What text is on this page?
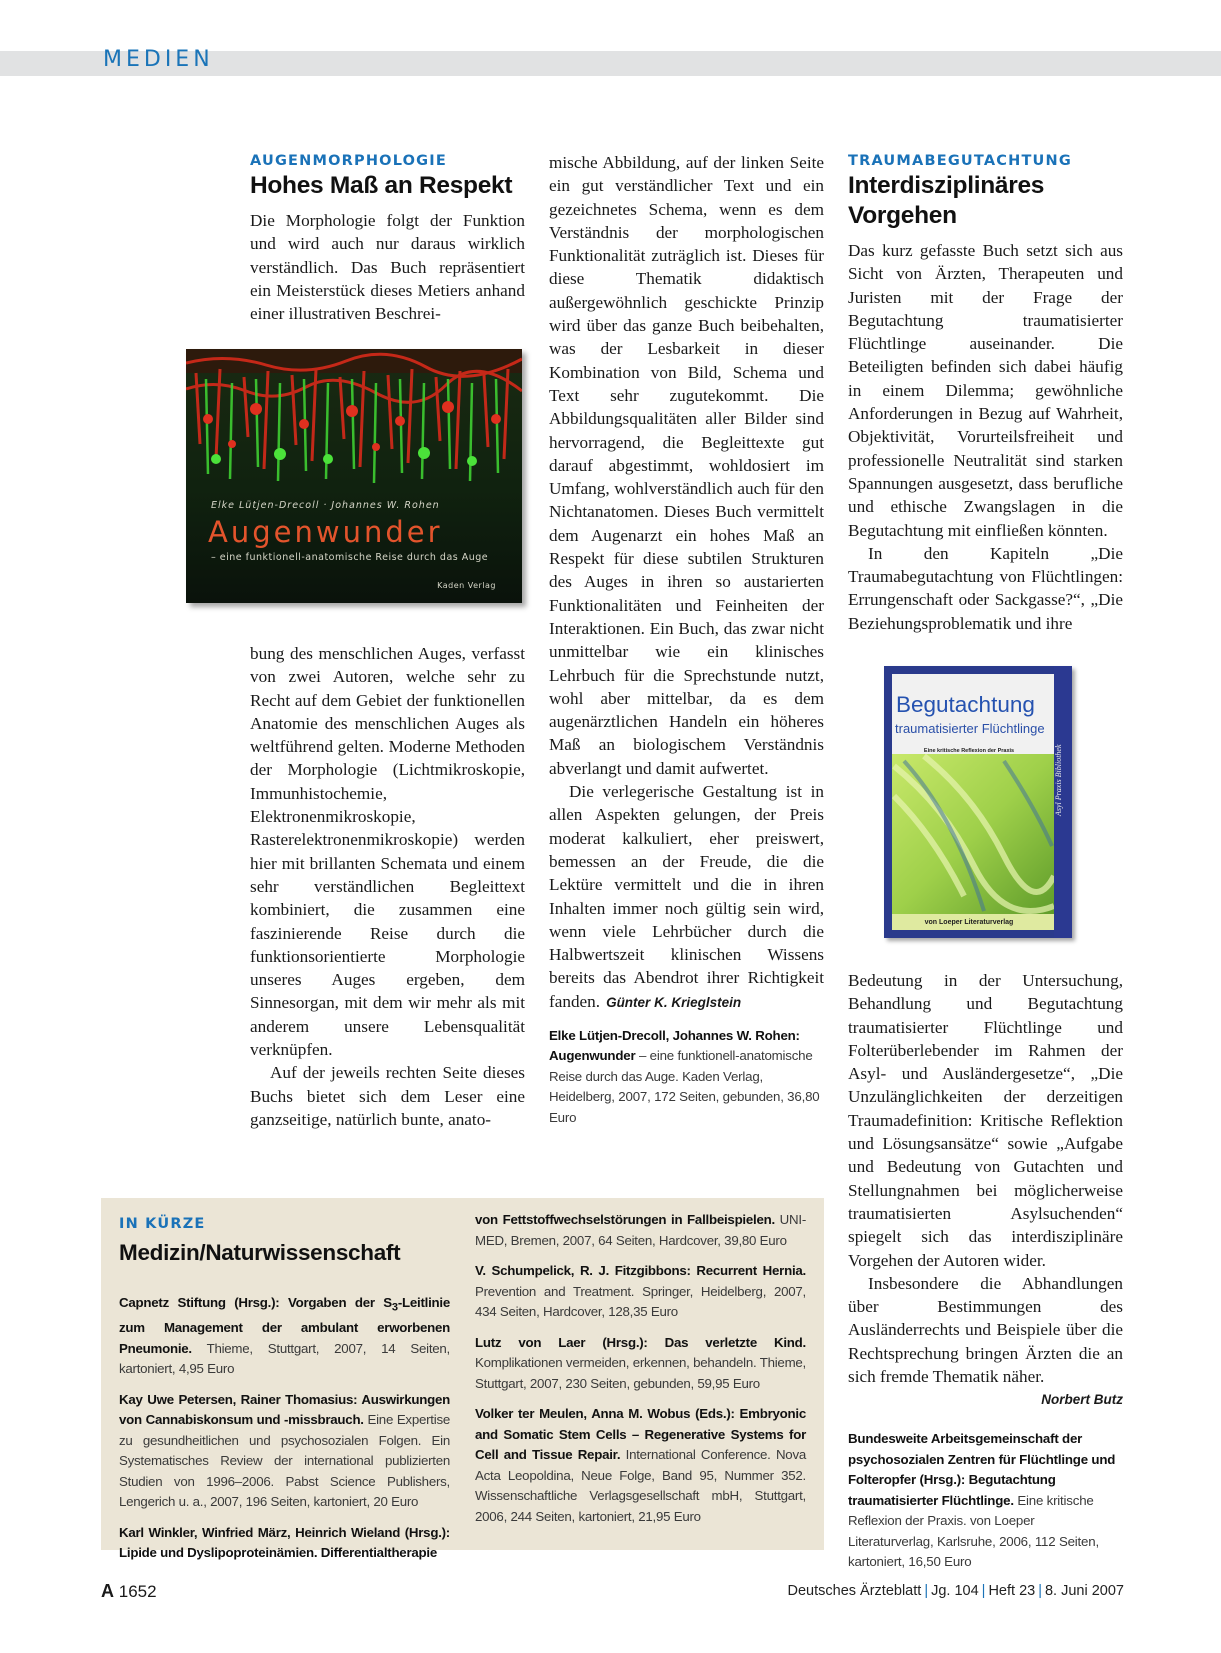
MEDIEN

AUGENMORPHOLOGIE

Hohes Maß an Respekt

Die Morphologie folgt der Funktion und wird auch nur daraus wirklich verständlich. Das Buch repräsentiert ein Meisterstück dieses Metiers anhand einer illustrativen Beschrei-

Elke Lütjen-Drecoll · Johannes W. Rohen
Augenwunder
– eine funktionell-anatomische Reise durch das Auge
Kaden Verlag

bung des menschlichen Auges, verfasst von zwei Autoren, welche sehr zu Recht auf dem Gebiet der funktionellen Anatomie des menschlichen Auges als weltführend gelten. Moderne Methoden der Morphologie (Lichtmikroskopie, Immunhistochemie, Elektronenmikroskopie, Rasterelektronenmikroskopie) werden hier mit brillanten Schemata und einem sehr verständlichen Begleittext kombiniert, die zusammen eine faszinierende Reise durch die funktionsorientierte Morphologie unseres Auges ergeben, dem Sinnesorgan, mit dem wir mehr als mit anderem unsere Lebensqualität verknüpfen.

Auf der jeweils rechten Seite dieses Buchs bietet sich dem Leser eine ganzseitige, natürlich bunte, anato-

mische Abbildung, auf der linken Seite ein gut verständlicher Text und ein gezeichnetes Schema, wenn es dem Verständnis der morphologischen Funktionalität zuträglich ist. Dieses für diese Thematik didaktisch außergewöhnlich geschickte Prinzip wird über das ganze Buch beibehalten, was der Lesbarkeit in dieser Kombination von Bild, Schema und Text sehr zugutekommt. Die Abbildungsqualitäten aller Bilder sind hervorragend, die Begleittexte gut darauf abgestimmt, wohldosiert im Umfang, wohlverständlich auch für den Nichtanatomen. Dieses Buch vermittelt dem Augenarzt ein hohes Maß an Respekt für diese subtilen Strukturen des Auges in ihren so austarierten Funktionalitäten und Feinheiten der Interaktionen. Ein Buch, das zwar nicht unmittelbar wie ein klinisches Lehrbuch für die Sprechstunde nutzt, wohl aber mittelbar, da es dem augenärztlichen Handeln ein höheres Maß an biologischem Verständnis abverlangt und damit aufwertet.

Die verlegerische Gestaltung ist in allen Aspekten gelungen, der Preis moderat kalkuliert, eher preiswert, bemessen an der Freude, die die Lektüre vermittelt und die in ihren Inhalten immer noch gültig sein wird, wenn viele Lehrbücher durch die Halbwertszeit klinischen Wissens bereits das Abendrot ihrer Richtigkeit fanden. Günter K. Krieglstein

Elke Lütjen-Drecoll, Johannes W. Rohen: Augenwunder – eine funktionell-anatomische Reise durch das Auge. Kaden Verlag, Heidelberg, 2007, 172 Seiten, gebunden, 36,80 Euro

TRAUMABEGUTACHTUNG

Interdisziplinäres Vorgehen

Das kurz gefasste Buch setzt sich aus Sicht von Ärzten, Therapeuten und Juristen mit der Frage der Begutachtung traumatisierter Flüchtlinge auseinander. Die Beteiligten befinden sich dabei häufig in einem Dilemma; gewöhnliche Anforderungen in Bezug auf Wahrheit, Objektivität, Vorurteilsfreiheit und professionelle Neutralität sind starken Spannungen ausgesetzt, dass berufliche und ethische Zwangslagen in die Begutachtung mit einfließen könnten.

In den Kapiteln „Die Traumabegutachtung von Flüchtlingen: Errungenschaft oder Sackgasse?“, „Die Beziehungsproblematik und ihre

Begutachtung
traumatisierter Flüchtlinge
Eine kritische Reflexion der Praxis
von Loeper Literaturverlag
Asyl Praxis Bibliothek

Bedeutung in der Untersuchung, Behandlung und Begutachtung traumatisierter Flüchtlinge und Folterüberlebender im Rahmen der Asyl- und Ausländergesetze“, „Die Unzulänglichkeiten der derzeitigen Traumadefinition: Kritische Reflektion und Lösungsansätze“ sowie „Aufgabe und Bedeutung von Gutachten und Stellungnahmen bei möglicherweise traumatisierten Asylsuchenden“ spiegelt sich das interdisziplinäre Vorgehen der Autoren wider.

Insbesondere die Abhandlungen über Bestimmungen des Ausländerrechts und Beispiele über die Rechtsprechung bringen Ärzten die an sich fremde Thematik näher.

Norbert Butz

Bundesweite Arbeitsgemeinschaft der psychosozialen Zentren für Flüchtlinge und Folteropfer (Hrsg.): Begutachtung traumatisierter Flüchtlinge. Eine kritische Reflexion der Praxis. von Loeper Literaturverlag, Karlsruhe, 2006, 112 Seiten, kartoniert, 16,50 Euro

IN KÜRZE

Medizin/Naturwissenschaft

Capnetz Stiftung (Hrsg.): Vorgaben der $S_3$-Leitlinie zum Management der ambulant erworbenen Pneumonie. Thieme, Stuttgart, 2007, 14 Seiten, kartoniert, 4,95 Euro

Kay Uwe Petersen, Rainer Thomasius: Auswirkungen von Cannabiskonsum und -missbrauch. Eine Expertise zu gesundheitlichen und psychosozialen Folgen. Ein Systematisches Review der international publizierten Studien von 1996–2006. Pabst Science Publishers, Lengerich u. a., 2007, 196 Seiten, kartoniert, 20 Euro

Karl Winkler, Winfried März, Heinrich Wieland (Hrsg.): Lipide und Dyslipoproteinämien. Differentialtherapie

von Fettstoffwechselstörungen in Fallbeispielen. UNI-MED, Bremen, 2007, 64 Seiten, Hardcover, 39,80 Euro

V. Schumpelick, R. J. Fitzgibbons: Recurrent Hernia. Prevention and Treatment. Springer, Heidelberg, 2007, 434 Seiten, Hardcover, 128,35 Euro

Lutz von Laer (Hrsg.): Das verletzte Kind. Komplikationen vermeiden, erkennen, behandeln. Thieme, Stuttgart, 2007, 230 Seiten, gebunden, 59,95 Euro

Volker ter Meulen, Anna M. Wobus (Eds.): Embryonic and Somatic Stem Cells – Regenerative Systems for Cell and Tissue Repair. International Conference. Nova Acta Leopoldina, Neue Folge, Band 95, Nummer 352. Wissenschaftliche Verlagsgesellschaft mbH, Stuttgart, 2006, 244 Seiten, kartoniert, 21,95 Euro

A 1652	Deutsches Ärzteblatt | Jg. 104 | Heft 23 | 8. Juni 2007
